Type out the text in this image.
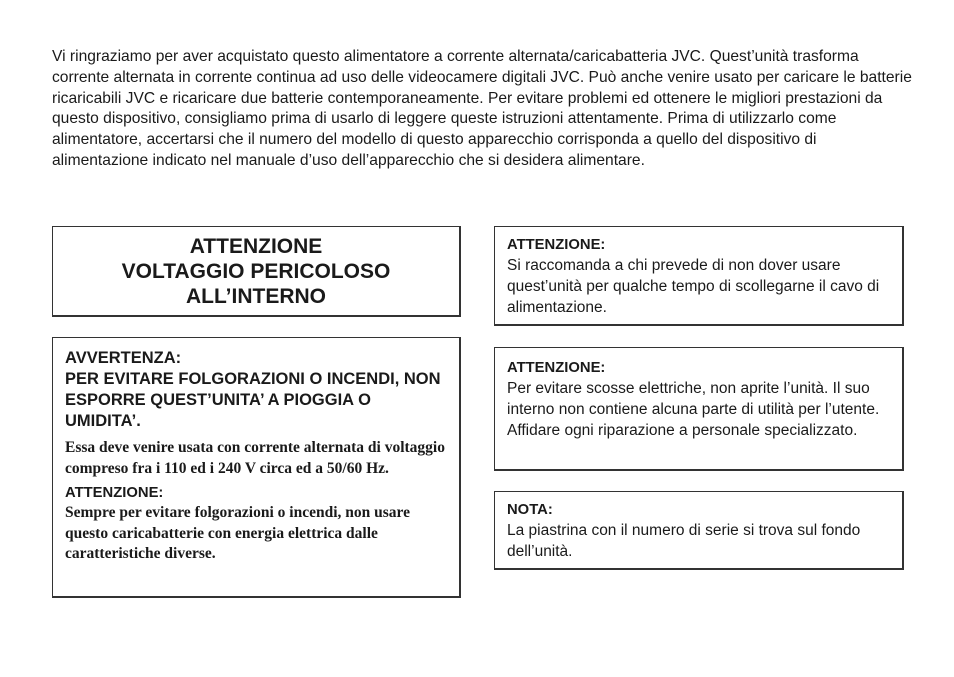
Vi ringraziamo per aver acquistato questo alimentatore a corrente alternata/caricabatteria JVC. Quest’unità trasforma corrente alternata in corrente continua ad uso delle videocamere digitali JVC. Può anche venire usato per caricare le batterie ricaricabili JVC e ricaricare due batterie contemporaneamente. Per evitare problemi ed ottenere le migliori prestazioni da questo dispositivo, consigliamo prima di usarlo di leggere queste istruzioni attentamente. Prima di utilizzarlo come alimentatore, accertarsi che il numero del modello di questo apparecchio corrisponda a quello del dispositivo di alimentazione indicato nel manuale d’uso dell’apparecchio che si desidera alimentare.

ATTENZIONE
VOLTAGGIO PERICOLOSO
ALL’INTERNO
AVVERTENZA:
PER EVITARE FOLGORAZIONI O INCENDI, NON ESPORRE QUEST’UNITA’ A PIOGGIA O UMIDITA’.
Essa deve venire usata con corrente alternata di voltaggio compreso fra i 110 ed i 240 V circa ed a 50/60 Hz.
ATTENZIONE:
Sempre per evitare folgorazioni o incendi, non usare questo caricabatterie con energia elettrica dalle caratteristiche diverse.
ATTENZIONE:
Si raccomanda a chi prevede di non dover usare quest’unità per qualche tempo di scollegarne il cavo di alimentazione.
ATTENZIONE:
Per evitare scosse elettriche, non aprite l’unità. Il suo interno non contiene alcuna parte di utilità per l’utente. Affidare ogni riparazione a personale specializzato.
NOTA:
La piastrina con il numero di serie si trova sul fondo dell’unità.
